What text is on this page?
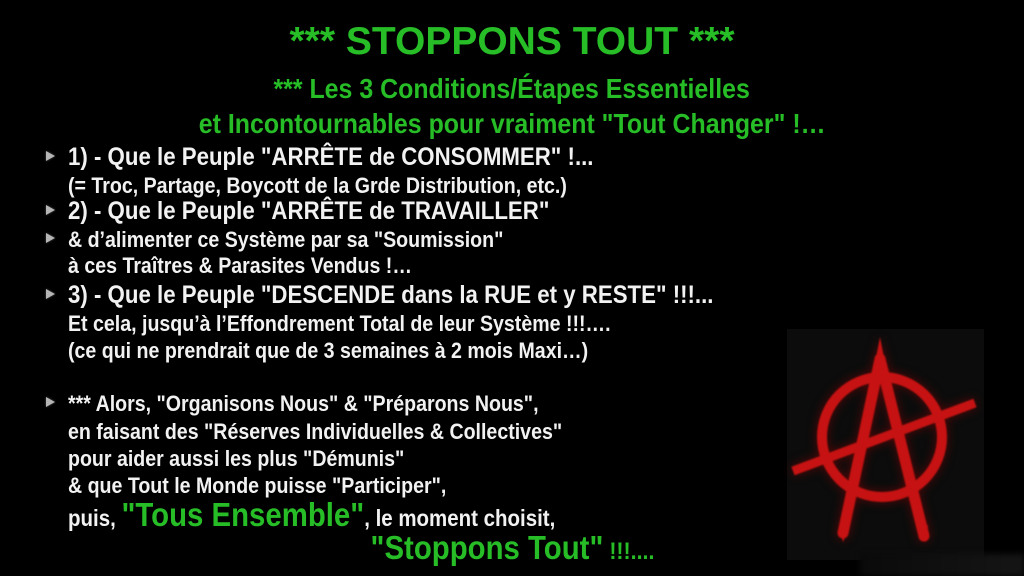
*** STOPPONS TOUT ***
*** Les 3 Conditions/Étapes Essentielles
et Incontournables pour vraiment "Tout Changer" !…
1) - Que le Peuple "ARRÊTE de CONSOMMER" !...
(= Troc, Partage, Boycott de la Grde Distribution, etc.)
2) - Que le Peuple "ARRÊTE de TRAVAILLER"
& d’alimenter ce Système par sa "Soumission"
à ces Traîtres & Parasites Vendus !…
3) - Que le Peuple "DESCENDE dans la RUE et y RESTE" !!!...
Et cela, jusqu’à l’Effondrement Total de leur Système !!!….
(ce qui ne prendrait que de 3 semaines à 2 mois Maxi…)
*** Alors, "Organisons Nous" & "Préparons Nous",
en faisant des "Réserves Individuelles & Collectives"
pour aider aussi les plus "Démunis"
& que Tout le Monde puisse "Participer",
puis, "Tous Ensemble", le moment choisit,
"Stoppons Tout" !!!....
